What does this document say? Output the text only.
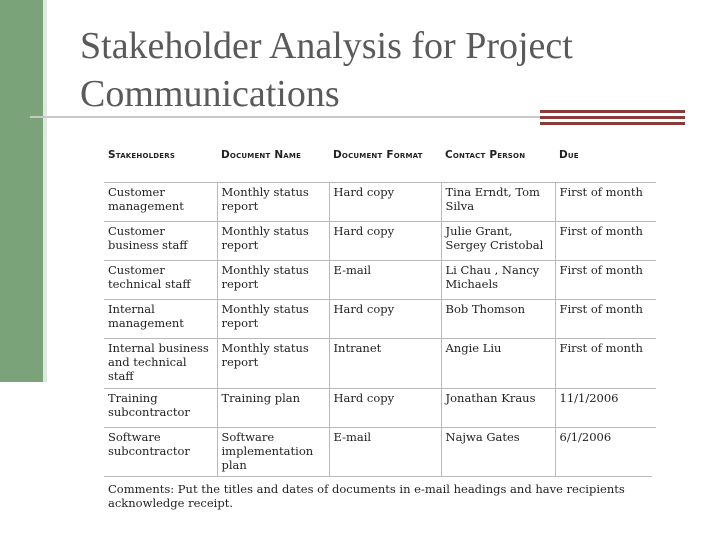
Stakeholder Analysis for Project
Communications
Stakeholders	Document Name	Document Format	Contact Person	Due
Customer management	Monthly status report	Hard copy	Tina Erndt, Tom Silva	First of month
Customer business staff	Monthly status report	Hard copy	Julie Grant, Sergey Cristobal	First of month
Customer technical staff	Monthly status report	E-mail	Li Chau , Nancy Michaels	First of month
Internal management	Monthly status report	Hard copy	Bob Thomson	First of month
Internal business and technical staff	Monthly status report	Intranet	Angie Liu	First of month
Training subcontractor	Training plan	Hard copy	Jonathan Kraus	11/1/2006
Software subcontractor	Software implementation plan	E-mail	Najwa Gates	6/1/2006
Comments: Put the titles and dates of documents in e-mail headings and have recipients acknowledge receipt.
